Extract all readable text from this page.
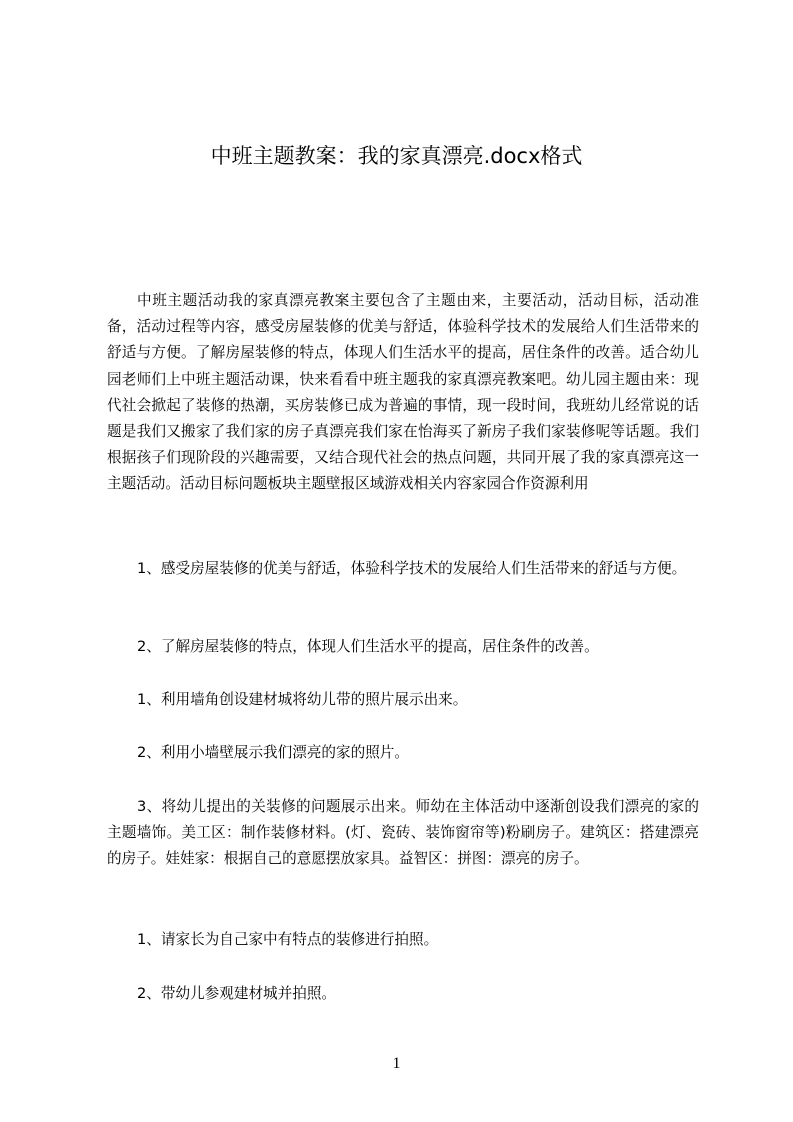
中班主题教案：我的家真漂亮.docx格式

中班主题活动我的家真漂亮教案主要包含了主题由来，主要活动，活动目标，活动准备，活动过程等内容，感受房屋装修的优美与舒适，体验科学技术的发展给人们生活带来的舒适与方便。了解房屋装修的特点，体现人们生活水平的提高，居住条件的改善。适合幼儿园老师们上中班主题活动课，快来看看中班主题我的家真漂亮教案吧。幼儿园主题由来：现代社会掀起了装修的热潮，买房装修已成为普遍的事情，现一段时间，我班幼儿经常说的话题是我们又搬家了我们家的房子真漂亮我们家在怡海买了新房子我们家装修呢等话题。我们根据孩子们现阶段的兴趣需要，又结合现代社会的热点问题，共同开展了我的家真漂亮这一主题活动。活动目标问题板块主题壁报区域游戏相关内容家园合作资源利用

1、感受房屋装修的优美与舒适，体验科学技术的发展给人们生活带来的舒适与方便。

2、了解房屋装修的特点，体现人们生活水平的提高，居住条件的改善。

1、利用墙角创设建材城将幼儿带的照片展示出来。

2、利用小墙壁展示我们漂亮的家的照片。

3、将幼儿提出的关装修的问题展示出来。师幼在主体活动中逐渐创设我们漂亮的家的主题墙饰。美工区：制作装修材料。(灯、瓷砖、装饰窗帘等)粉刷房子。建筑区：搭建漂亮的房子。娃娃家：根据自己的意愿摆放家具。益智区：拼图：漂亮的房子。

1、请家长为自己家中有特点的装修进行拍照。

2、带幼儿参观建材城并拍照。

1
